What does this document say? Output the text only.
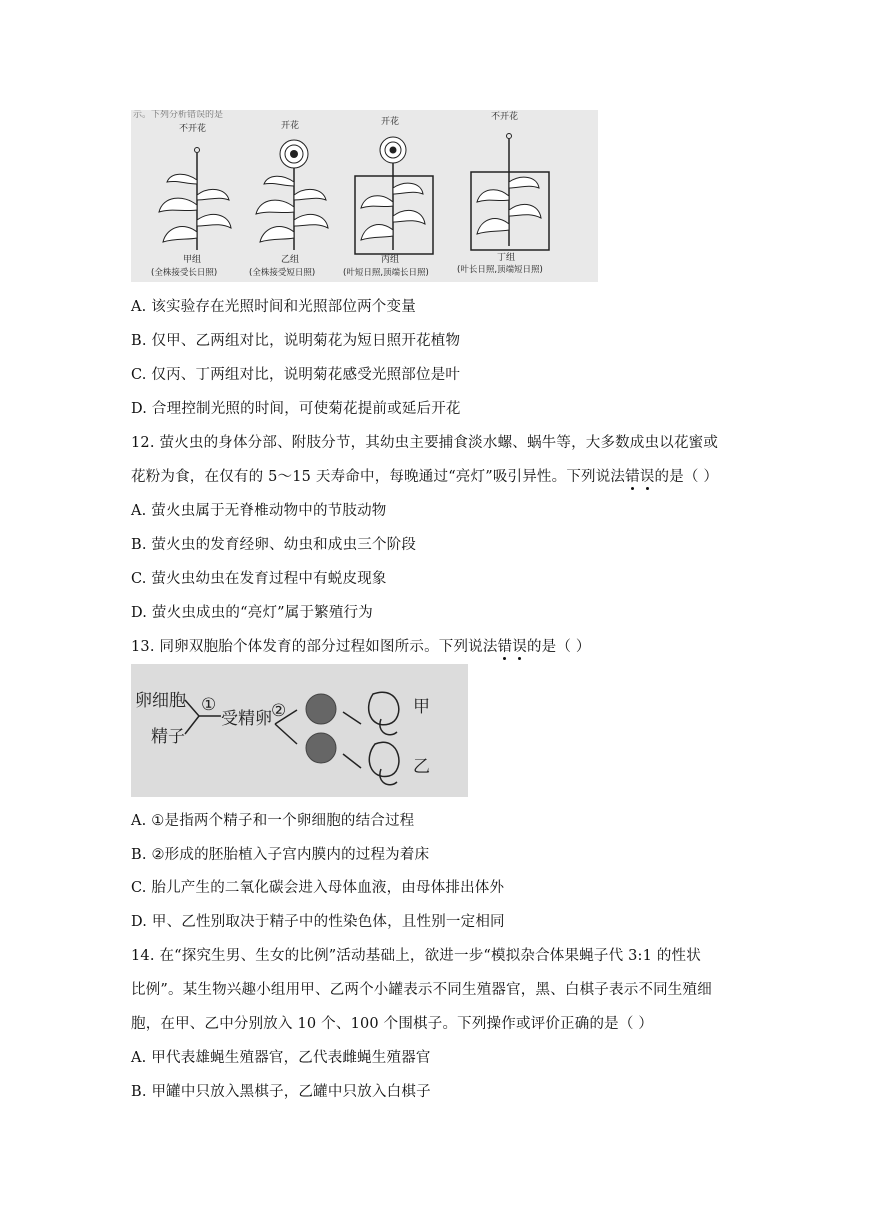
示。下列分析错误的是
不开花
甲组
(全株接受长日照)
开花
乙组
(全株接受短日照)
开花
丙组
(叶短日照,顶端长日照)
不开花
丁组
(叶长日照,顶端短日照)
A. 该实验存在光照时间和光照部位两个变量
B. 仅甲、乙两组对比，说明菊花为短日照开花植物
C. 仅丙、丁两组对比，说明菊花感受光照部位是叶
D. 合理控制光照的时间，可使菊花提前或延后开花
12. 萤火虫的身体分部、附肢分节，其幼虫主要捕食淡水螺、蜗牛等，大多数成虫以花蜜或
花粉为食，在仅有的 5～15 天寿命中，每晚通过“亮灯”吸引异性。下列说法错误的是（ ）
A. 萤火虫属于无脊椎动物中的节肢动物
B. 萤火虫的发育经卵、幼虫和成虫三个阶段
C. 萤火虫幼虫在发育过程中有蜕皮现象
D. 萤火虫成虫的“亮灯”属于繁殖行为
13. 同卵双胞胎个体发育的部分过程如图所示。下列说法错误的是（ ）
卵细胞
精子
①
受精卵 ②	甲
乙
A. ①是指两个精子和一个卵细胞的结合过程
B. ②形成的胚胎植入子宫内膜内的过程为着床
C. 胎儿产生的二氧化碳会进入母体血液，由母体排出体外
D. 甲、乙性别取决于精子中的性染色体，且性别一定相同
14. 在“探究生男、生女的比例”活动基础上，欲进一步“模拟杂合体果蝇子代 3:1 的性状
比例”。某生物兴趣小组用甲、乙两个小罐表示不同生殖器官，黑、白棋子表示不同生殖细
胞，在甲、乙中分别放入 10 个、100 个围棋子。下列操作或评价正确的是（ ）
A. 甲代表雄蝇生殖器官，乙代表雌蝇生殖器官
B. 甲罐中只放入黑棋子，乙罐中只放入白棋子
